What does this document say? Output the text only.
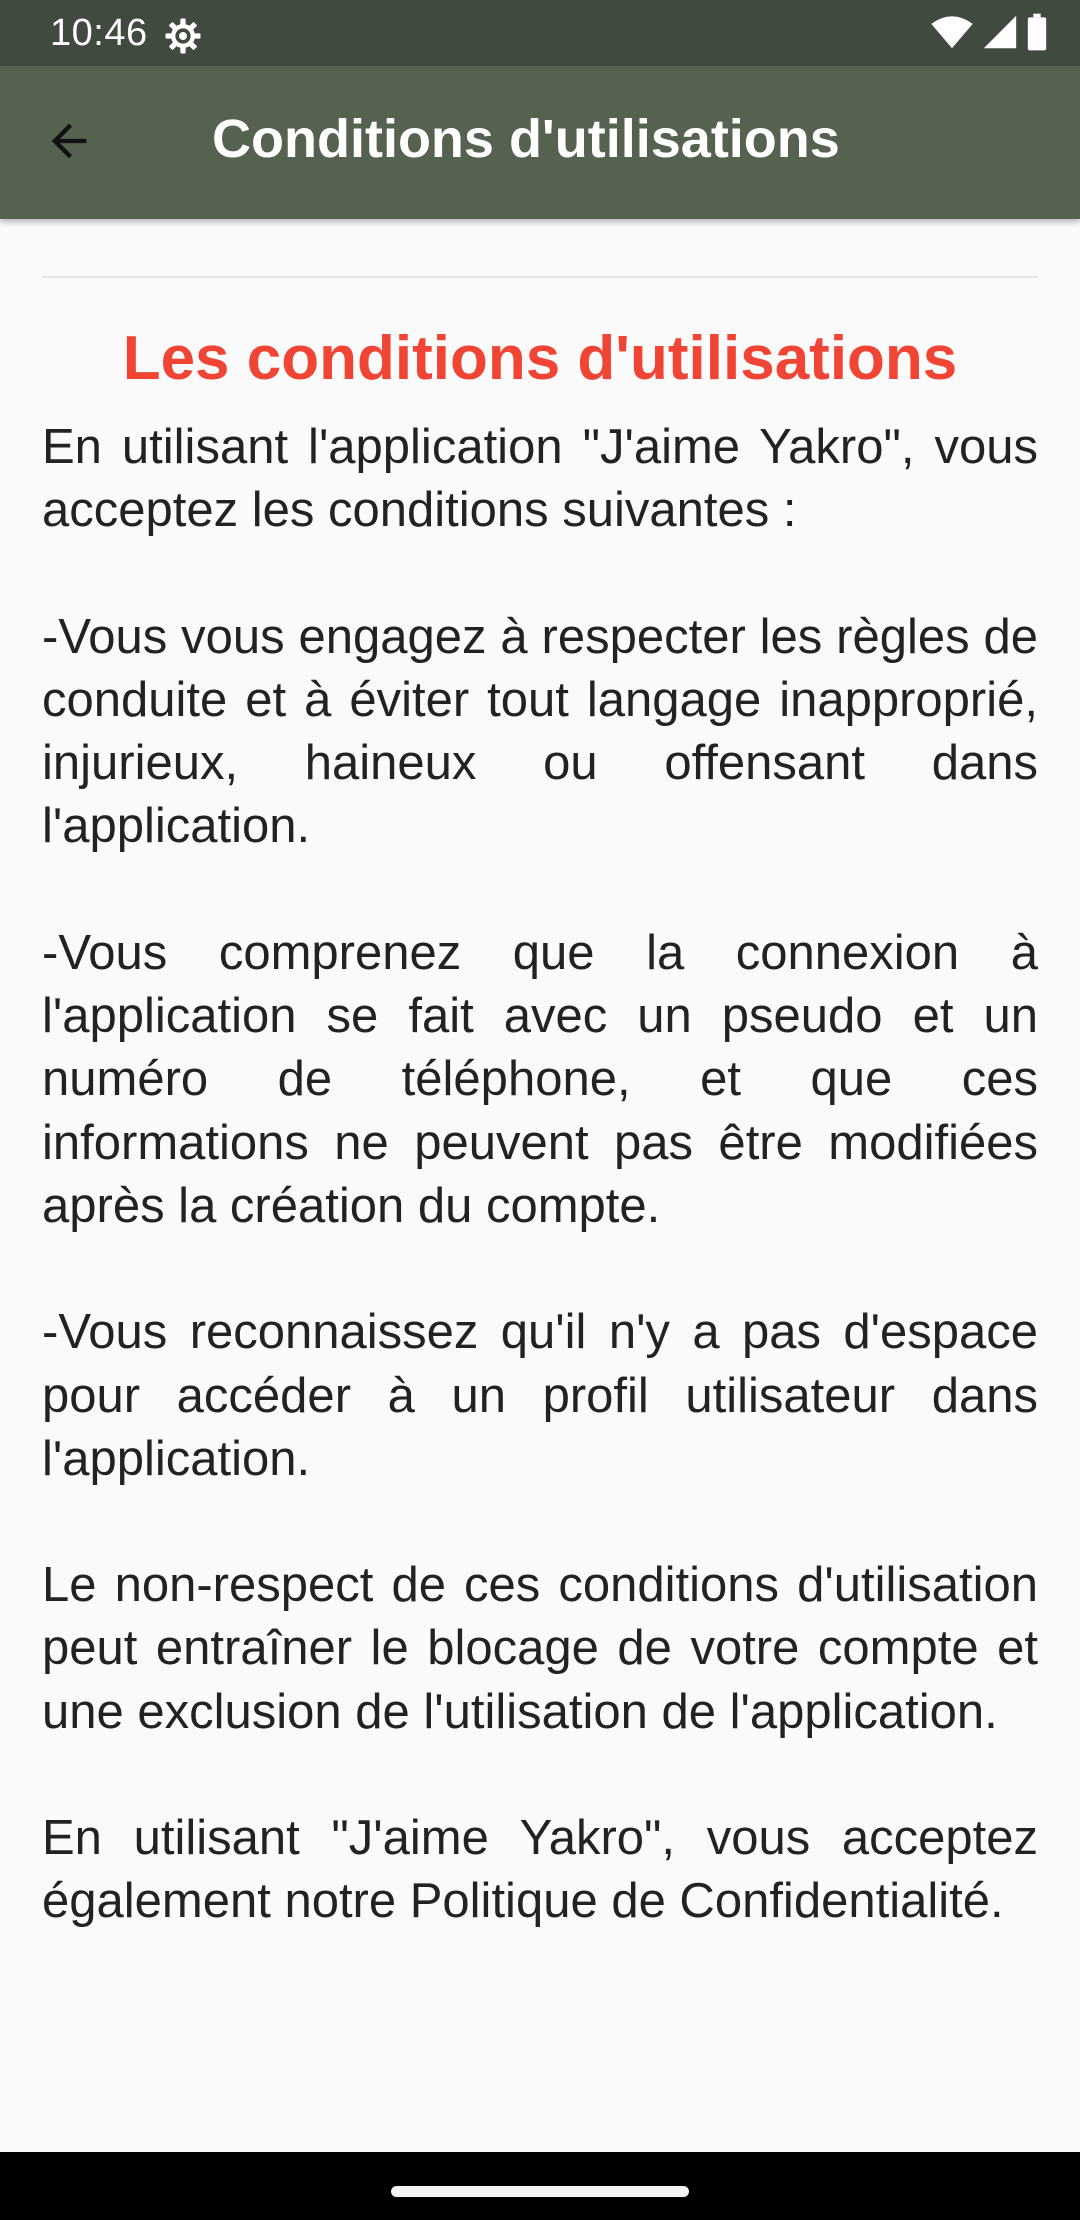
10:46
Conditions d'utilisations
Les conditions d'utilisations

En utilisant l'application "J'aime Yakro", vous acceptez les conditions suivantes :

-Vous vous engagez à respecter les règles de conduite et à éviter tout langage inapproprié, injurieux, haineux ou offensant dans l'application.

-Vous comprenez que la connexion à l'application se fait avec un pseudo et un numéro de téléphone, et que ces informations ne peuvent pas être modifiées après la création du compte.

-Vous reconnaissez qu'il n'y a pas d'espace pour accéder à un profil utilisateur dans l'application.

Le non-respect de ces conditions d'utilisation peut entraîner le blocage de votre compte et une exclusion de l'utilisation de l'application.

En utilisant "J'aime Yakro", vous acceptez également notre Politique de Confidentialité.
